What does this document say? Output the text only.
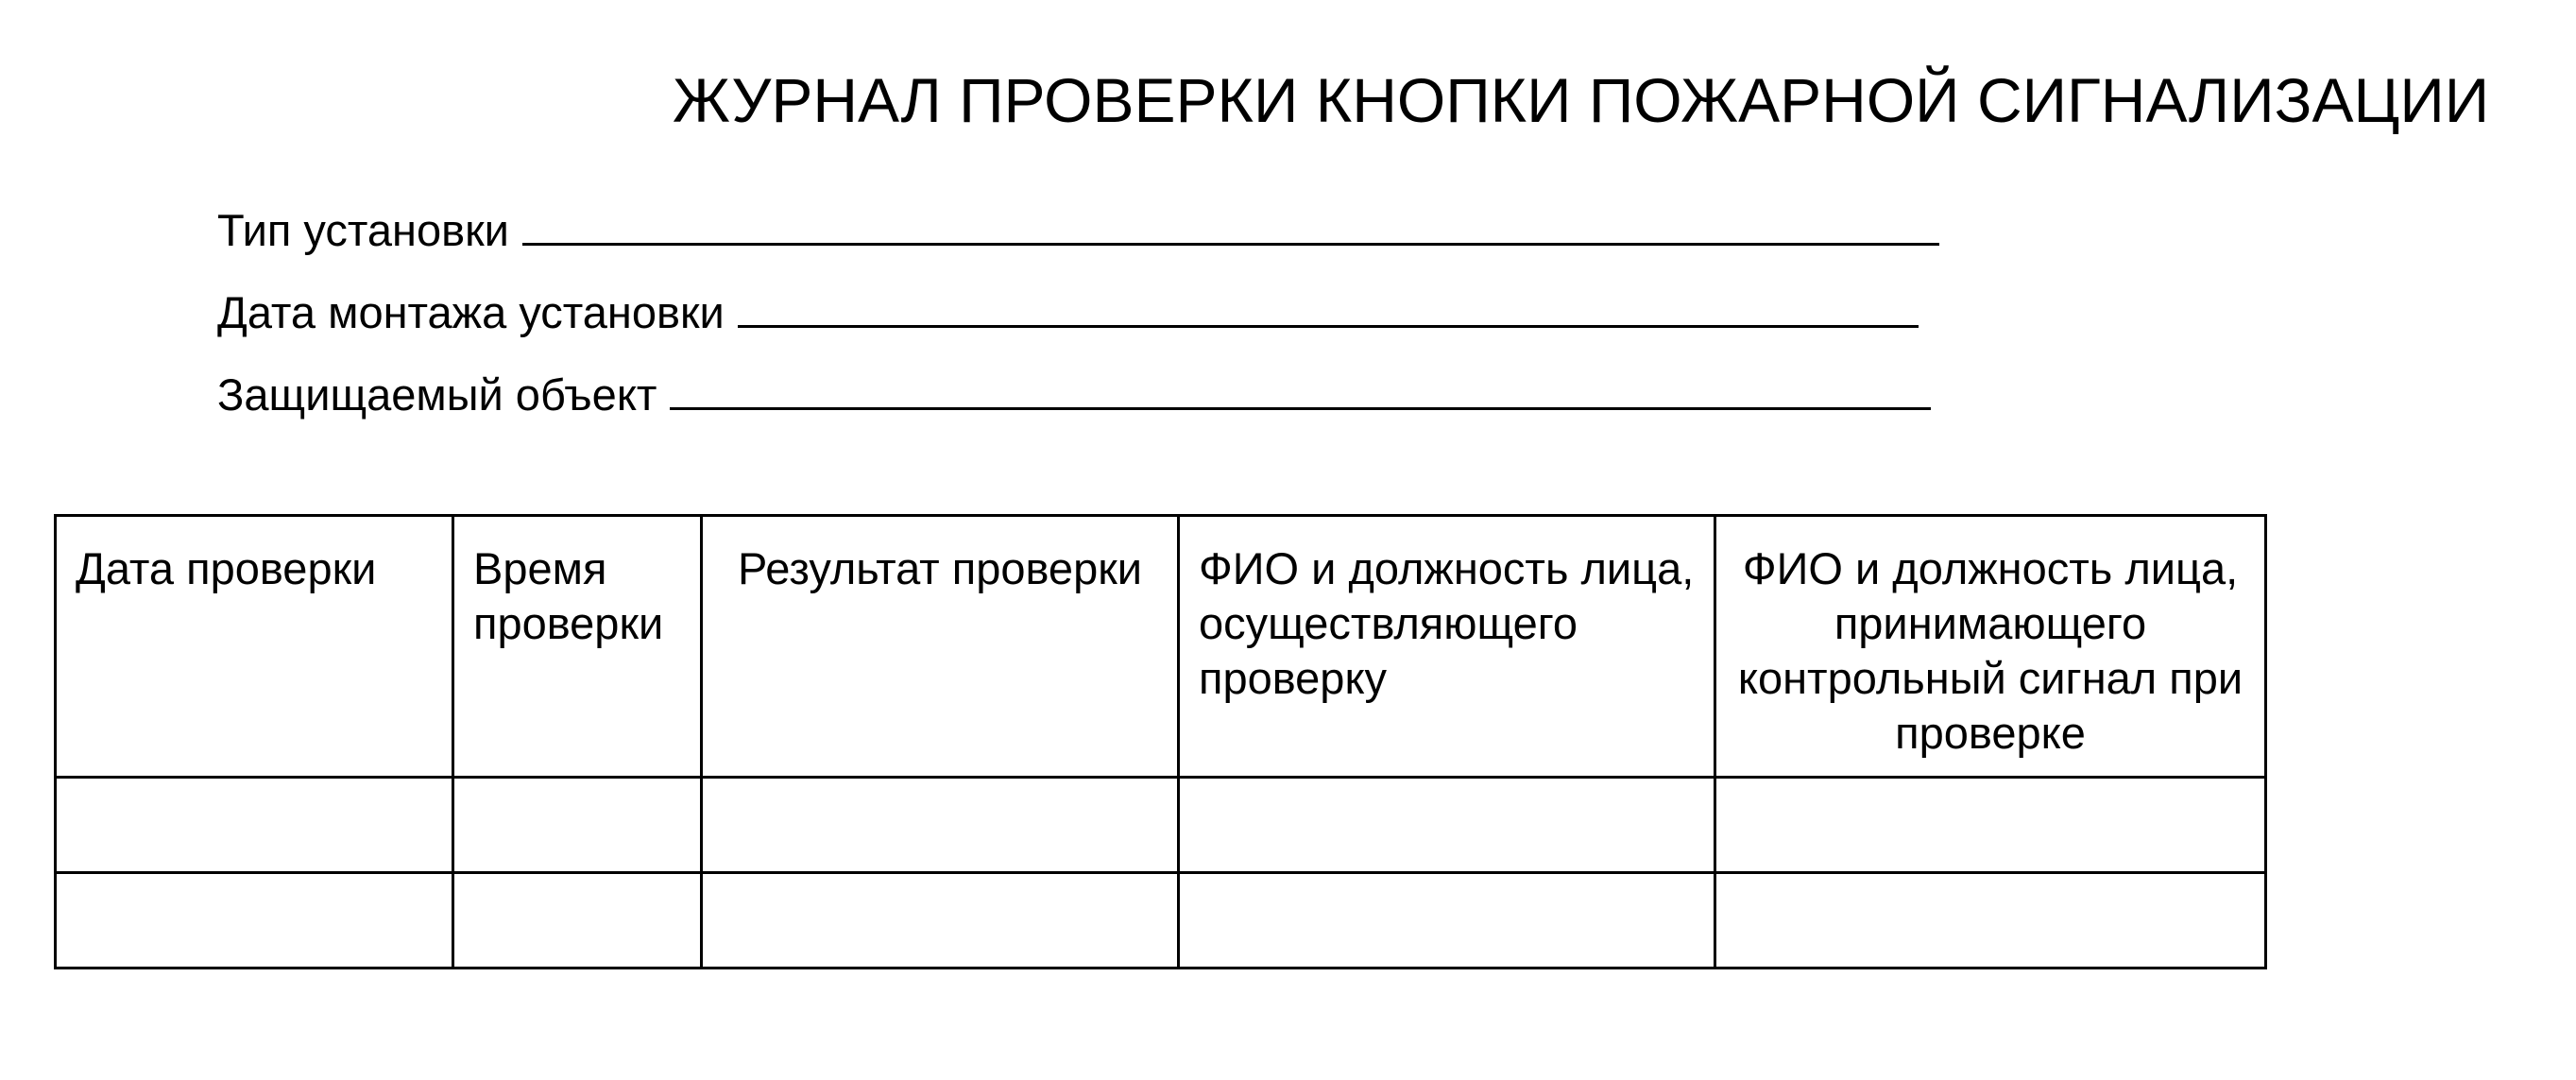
ЖУРНАЛ ПРОВЕРКИ КНОПКИ ПОЖАРНОЙ СИГНАЛИЗАЦИИ
Тип установки
Дата монтажа установки
Защищаемый объект
Дата проверки	Время проверки	Результат проверки	ФИО и должность лица, осуществляющего проверку	ФИО и должность лица, принимающего контрольный сигнал при проверке
